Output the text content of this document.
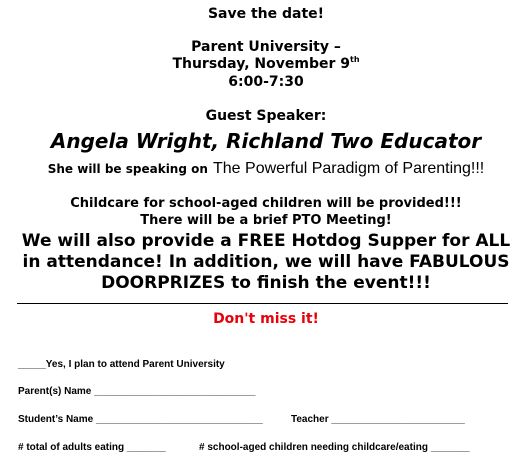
Save the date!
Parent University –
Thursday, November 9th
6:00-7:30
Guest Speaker:
Angela Wright, Richland Two Educator
She will be speaking on The Powerful Paradigm of Parenting!!!
Childcare for school-aged children will be provided!!!
There will be a brief PTO Meeting!
We will also provide a FREE Hotdog Supper for ALL
in attendance! In addition, we will have FABULOUS
DOORPRIZES to finish the event!!!
Don't miss it!
_____Yes, I plan to attend Parent University
Parent(s) Name _____________________________
Student’s Name ______________________________	Teacher ________________________
# total of adults eating _______	# school-aged children needing childcare/eating _______
